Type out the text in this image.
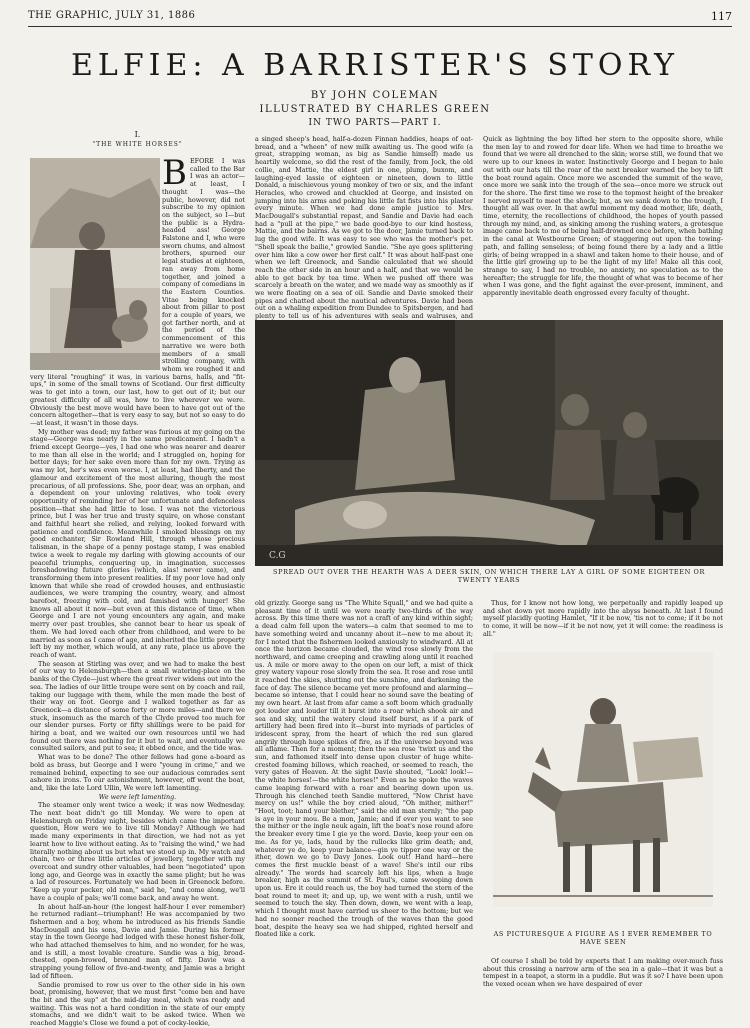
THE GRAPHIC, JULY 31, 1886	117
ELFIE: A BARRISTER'S STORY
BY JOHN COLEMAN
ILLUSTRATED BY CHARLES GREEN
IN TWO PARTS—PART I.
I.
"THE WHITE HORSES"

BEFORE I was called to the Bar I was an actor—at least, I thought I was—the public, however, did not subscribe to my opinion on the subject, so I—but the public is a Hydra-headed ass! George Falstone and I, who were sworn chums, and almost brothers, spurned our legal studies at eighteen, ran away from home together, and joined a company of comedians in the Eastern Counties. Vitae being knocked about from pillar to post for a couple of years, we got farther north, and at the period of the commencement of this narrative we were both members of a small strolling company, with whom we roughed it and very literal "roughing" it was, in various barns, halls, and "fit-ups," in some of the small towns of Scotland. Our first difficulty was to get into a town, our last, how to get out of it; but our greatest difficulty of all was, how to live wherever we were. Obviously the best move would have been to have got out of the concern altogether—that is very easy to say, but not so easy to do—at least, it wasn't in those days.

My mother was dead; my father was furious at my going on the stage—George was nearly in the same predicament. I hadn't a friend except George—yes, I had one who was nearer and dearer to me than all else in the world; and I struggled on, hoping for better days; for her sake even more than for my own. Trying as was my lot, her's was even worse. I, at least, had liberty, and the glamour and excitement of the most alluring, though the most precarious, of all professions. She, poor dear, was an orphan, and a dependent on your unloving relatives, who took every opportunity of reminding her of her unfortunate and defenceless position—that she had little to lose. I was not the victorious prince, but I was her true and trusty squire, on whose constant and faithful heart she relied, and relying, looked forward with patience and confidence. Meanwhile I smoked blessings on my good enchanter, Sir Rowland Hill, through whose precious talisman, in the shape of a penny postage stamp, I was enabled twice a week to regale my darling with glowing accounts of our peaceful triumphs, conquering up, in imagination, successes foreshadowing future glories (which, alas! never came), and transforming them into present realities. If my poor love had only known that while she read of crowded houses, and enthusiastic audiences, we were tramping the country, weary, and almost barefoot, freezing with cold, and famished with hunger! She knows all about it now—but even at this distance of time, when George and I are not young encounters any again, and make merry over past troubles, she cannot bear to hear us speak of them. We had loved each other from childhood, and were to be married as soon as I came of age, and inherited the little property left by my mother, which would, at any rate, place us above the reach of want.

The season at Stirling was over, and we had to make the best of our way to Helensburgh—then a small watering-place on the banks of the Clyde—just where the great river widens out into the sea. The ladies of our little troupe were sent on by coach and rail, taking our luggage with them, while the men made the best of their way on foot. George and I walked together as far as Greenock—a distance of some forty or more miles—and there we stuck, insomuch as the march of the Clyde proved too much for our slender purses. Forty or fifty shillings were to be paid for hiring a boat, and we waited our own resources until we had found out there was nothing for it but to wait, and eventually we consulted sailors, and put to sea; it ebbed once, and the tide was.

What was to be done? The other fellows had gone a-board as bold as brass, but George and I were "young in crime," and we remained behind, expecting to see our audacious comrades sent ashore in irons. To our astonishment, however, off went the boat, and, like the late Lord Ullin, We were left lamenting.

We were left lamenting.

The steamer only went twice a week; it was now Wednesday. The next boat didn't go till Monday. We were to open at Helensburgh on Friday night, besides which came the important question, How were we to live till Monday? Although we had made many experiments in that direction, we had not as yet learnt how to live without eating. As to "raising the wind," we had literally nothing about us but what we stood up in. My watch and chain, two or three little articles of jewellery, together with my overcoat and sundry other valuables, had been "negotiated" upon long ago, and George was in exactly the same plight; but he was a lad of resources. Fortunately we had been in Greenock before. "Keep up your pecker, old man," said he, "and come along, we'll have a couple of pals; we'll come back, and away he went.

In about half-an-hour (the longest half-hour I ever remember) he returned radiant—triumphant! He was accompanied by two fishermen and a boy, whom he introduced as his friends Sandie MacDougall and his sons, Davie and Jamie. During his former stay in the town George had lodged with these honest fisher-folk, who had attached themselves to him, and no wonder, for he was, and is still, a most lovable creature. Sandie was a big, broad-chested, open-browed, bronzed man of fifty. Davie was a strapping young fellow of five-and-twenty, and Jamie was a bright lad of fifteen.

Sandie promised to row us over to the other side in his own boat, promising, however, that we must first "come ben and have the bit and the sup" at the mid-day meal, which was ready and waiting. This was not a hard condition in the state of our empty stomachs, and we didn't wait to be asked twice. When we reached Maggie's Close we found a pot of cocky-leekie,

a singed sheep's head, half-a-dozen Finnan haddies, heaps of oat-bread, and a "wheen" of new milk awaiting us. The good wife (a great, strapping woman, as big as Sandie himself) made us heartily welcome, so did the rest of the family, from Jock, the old collie, and Mattie, the eldest girl in one, plump, buxom, and laughing-eyed lassie of eighteen or nineteen, down to little Donald, a mischievous young monkey of two or six, and the infant Heracles, who crowed and chuckled at George, and insisted on jumping into his arms and poking his little fat fists into his plaster every minute. When we had done ample justice to Mrs. MacDougall's substantial repast, and Sandie and Davie had each had a "pull at the pipe," we bade good-bye to our kind hostess, Mattie, and the bairns. As we got to the door, Jamie turned back to lug the good wife. It was easy to see who was the mother's pet. "Shell speak the bailie," growled Sandie. "She aye goes splittering over him like a cow ower her first calf." It was about half-past one when we left Greenock, and Sandie calculated that we should reach the other side in an hour and a half, and that we would be able to get back by tea time. When we pushed off there was scarcely a breath on the water, and we made way as smoothly as if we were floating on a sea of oil. Sandie and Davie smoked their pipes and chatted about the nautical adventures. Davie had been out on a whaling expedition from Dundee to Spitsbergen, and had plenty to tell us of his adventures with seals and walruses, and

Quick as lightning the boy lifted her stern to the opposite shore, while the men lay to and rowed for dear life. When we had time to breathe we found that we were all drenched to the skin; worse still, we found that we were up to our knees in water. Instinctively George and I began to bale out with our hats till the roar of the next breaker warned the boy to lift the boat round again. Once more we ascended the summit of the wave, once more we sank into the trough of the sea—once more we struck out for the shore. The first time we rose to the topmost height of the breaker I nerved myself to meet the shock; but, as we sank down to the trough, I thought all was over. In that awful moment my dead mother, life, death, time, eternity, the recollections of childhood, the hopes of youth passed through my mind, and, as sinking among the rushing waters, a grotesque image came back to me of being half-drowned once before, when bathing in the canal at Westbourne Green; of staggering out upon the towing-path, and falling senseless; of being found there by a lady and a little girls; of being wrapped in a shawl and taken home to their house, and of the little girl growing up to be the light of my life! Make all this cool, strange to say, I had no trouble, no anxiety, no speculation as to the hereafter; the struggle for life, the thought of what was to become of her when I was gone, and the fight against the ever-present, imminent, and apparently inevitable death engrossed every faculty of thought.

C.G
SPREAD OUT OVER THE HEARTH WAS A DEER SKIN, ON WHICH THERE LAY A GIRL OF SOME EIGHTEEN OR TWENTY YEARS

old grizzly. George sang us "The White Squall," and we had quite a pleasant time of it until we were nearly two-thirds of the way across. By this time there was not a craft of any kind within sight; a dead calm fell upon the waters—a calm that seemed to me to have something weird and uncanny about it—new to me about it; for I noted that the fishermen looked anxiously to windward. All at once the horizon became clouded, the wind rose slowly from the northward, and came creeping and crawling along until it reached us. A mile or more away to the open on our left, a mist of thick grey watery vapour rose slowly from the sea. It rose and rose until it reached the skies, shutting out the sunshine, and darkening the face of day. The silence became yet more profound and alarming—became so intense, that I could hear no sound save the beating of my own heart. At last from afar came a soft boom which gradually got louder and louder till it burst into a roar which shook air and sea and sky, until the watery cloud itself burst, as if a park of artillery had been fired into it—burst into myriads of particles of iridescent spray, from the heart of which the red sun glared angrily through huge spikes of fire, as if the universe beyond was all aflame. Then for a moment; then the sea rose 'twixt us and the sun, and fathomed itself into dense upon cluster of huge white-crested foaming billows, which reached, or seemed to reach, the very gates of Heaven. At the sight Davie shouted, "Look! look!—the white horses!—the white horses!" Even as he spoke the waves came leaping forward with a roar and bearing down upon us. Through his clenched teeth Sandie muttered, "Now Christ have mercy on us!" while the boy cried aloud, "Oh mither, mither!" "Hoot, toot; hand your blether," said the old man sternly; "the pap is aye in your mou. Be a mon, Jamie; and if ever you want to see the mither or the ingle neuk again, lift the boat's nose round afore the breaker every time I gie ye the word. Davie, keep your een on me. As for ye, lads, haud by the rullocks like grim death; and, whatever ye do, keep your balance—gin ye tipper one way or the ither, down we go to Davy Jones. Look out! Hand hard—here comes the first muckle beast of a wave! She's intil our ribs already." The words had scarcely left his lips, when a huge breaker, high as the summit of St. Paul's, came swooping down upon us. Ere it could reach us, the boy had turned the stern of the boat round to meet it; and up, up, we went with a rush, until we seemed to touch the sky. Then down, down, we went with a leap, which I thought must have carried us sheer to the bottom; but we had no sooner reached the trough of the waves than the good boat, despite the heavy sea we had shipped, righted herself and floated like a cork.

Thus, for I know not how long, we perpetually and rapidly leaped up and shot down yet more rapidly into the abyss beneath. At last I found myself placidly quoting Hamlet, "If it be now, 'tis not to come; if it be not to come, it will be now—if it be not now, yet it will come: the readiness is all."

AS PICTURESQUE A FIGURE AS I EVER REMEMBER TO HAVE SEEN

Of course I shall be told by experts that I am making over-much fuss about this crossing a narrow arm of the sea in a gale—that it was but a tempest in a teapot, a storm in a puddle. But was it so? I have been upon the vexed ocean when we have despaired of ever
